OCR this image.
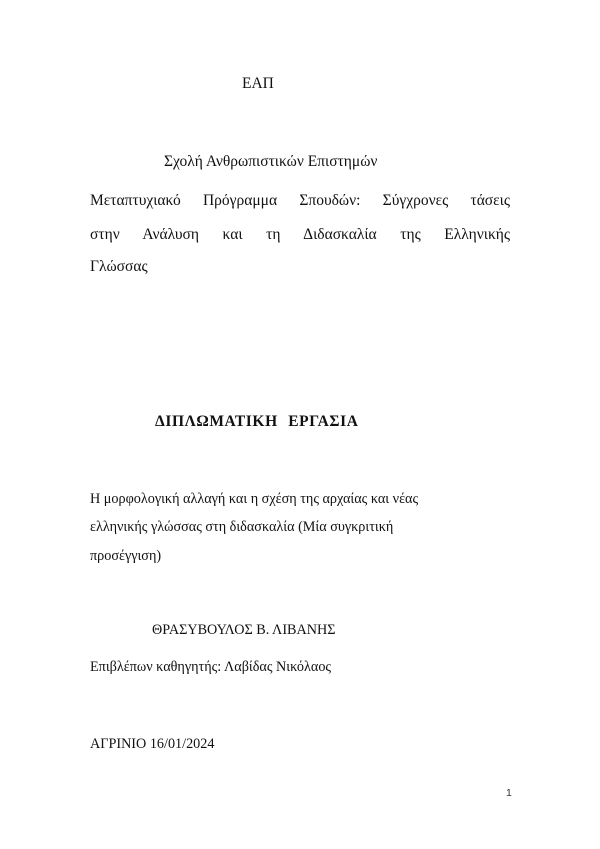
ΕΑΠ
Σχολή Ανθρωπιστικών Επιστημών
Μεταπτυχιακό Πρόγραμμα Σπουδών: Σύγχρονες τάσεις
στην Ανάλυση και τη Διδασκαλία της Ελληνικής
Γλώσσας
ΔΙΠΛΩΜΑΤΙΚΗ ΕΡΓΑΣΙΑ
Η μορφολογική αλλαγή και η σχέση της αρχαίας και νέας
ελληνικής γλώσσας στη διδασκαλία (Μία συγκριτική
προσέγγιση)
ΘΡΑΣΥΒΟΥΛΟΣ Β. ΛΙΒΑΝΗΣ
Επιβλέπων καθηγητής: Λαβίδας Νικόλαος
ΑΓΡΙΝΙΟ 16/01/2024
1
